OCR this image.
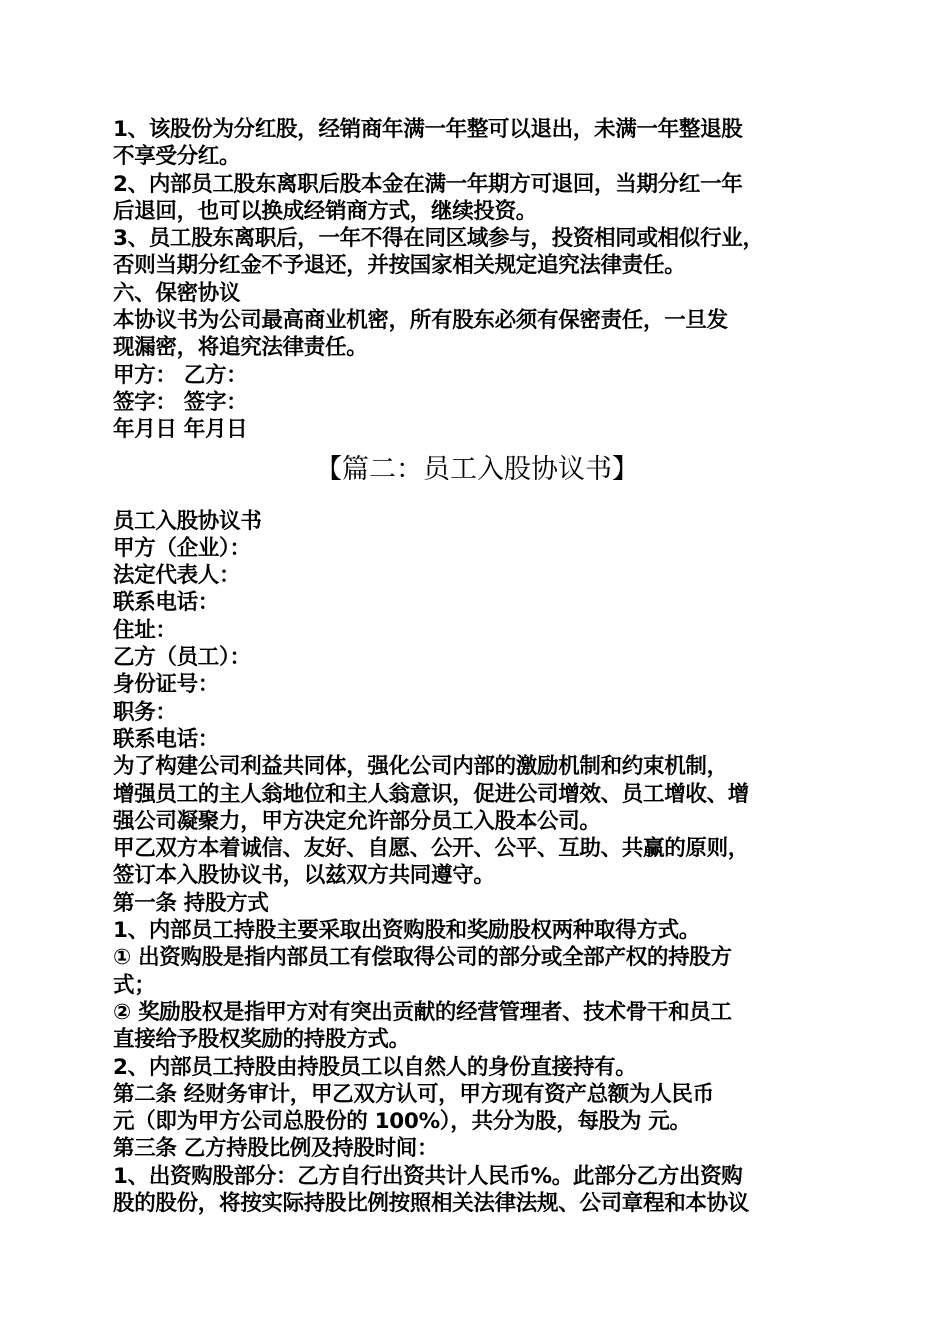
1、该股份为分红股，经销商年满一年整可以退出，未满一年整退股

不享受分红。

2、内部员工股东离职后股本金在满一年期方可退回，当期分红一年

后退回，也可以换成经销商方式，继续投资。

3、员工股东离职后，一年不得在同区域参与，投资相同或相似行业，

否则当期分红金不予退还，并按国家相关规定追究法律责任。

六、保密协议

本协议书为公司最高商业机密，所有股东必须有保密责任，一旦发

现漏密，将追究法律责任。

甲方： 乙方：

签字： 签字：

年月日 年月日

【篇二：员工入股协议书】

员工入股协议书

甲方（企业）：

法定代表人：

联系电话：

住址：

乙方（员工）：

身份证号：

职务：

联系电话：

为了构建公司利益共同体，强化公司内部的激励机制和约束机制，

增强员工的主人翁地位和主人翁意识，促进公司增效、员工增收、增

强公司凝聚力，甲方决定允许部分员工入股本公司。

甲乙双方本着诚信、友好、自愿、公开、公平、互助、共赢的原则，

签订本入股协议书，以兹双方共同遵守。

第一条 持股方式

1、内部员工持股主要采取出资购股和奖励股权两种取得方式。

① 出资购股是指内部员工有偿取得公司的部分或全部产权的持股方

式；

② 奖励股权是指甲方对有突出贡献的经营管理者、技术骨干和员工

直接给予股权奖励的持股方式。

2、内部员工持股由持股员工以自然人的身份直接持有。

第二条 经财务审计，甲乙双方认可，甲方现有资产总额为人民币

元（即为甲方公司总股份的 100%），共分为股，每股为 元。

第三条 乙方持股比例及持股时间：

1、出资购股部分：乙方自行出资共计人民币%。此部分乙方出资购

股的股份，将按实际持股比例按照相关法律法规、公司章程和本协议
